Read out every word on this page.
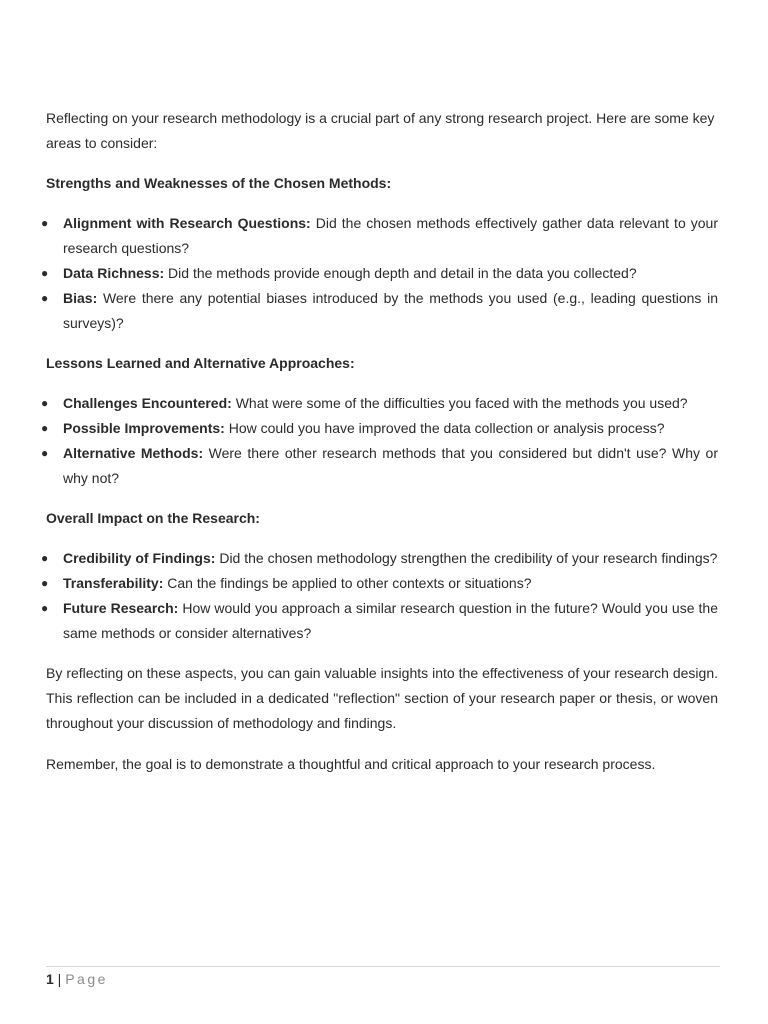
Reflecting on your research methodology is a crucial part of any strong research project. Here are some key areas to consider:

Strengths and Weaknesses of the Chosen Methods:

● Alignment with Research Questions: Did the chosen methods effectively gather data relevant to your research questions?
● Data Richness: Did the methods provide enough depth and detail in the data you collected?
● Bias: Were there any potential biases introduced by the methods you used (e.g., leading questions in surveys)?

Lessons Learned and Alternative Approaches:

● Challenges Encountered: What were some of the difficulties you faced with the methods you used?
● Possible Improvements: How could you have improved the data collection or analysis process?
● Alternative Methods: Were there other research methods that you considered but didn't use? Why or why not?

Overall Impact on the Research:

● Credibility of Findings: Did the chosen methodology strengthen the credibility of your research findings?
● Transferability: Can the findings be applied to other contexts or situations?
● Future Research: How would you approach a similar research question in the future? Would you use the same methods or consider alternatives?

By reflecting on these aspects, you can gain valuable insights into the effectiveness of your research design. This reflection can be included in a dedicated "reflection" section of your research paper or thesis, or woven throughout your discussion of methodology and findings.

Remember, the goal is to demonstrate a thoughtful and critical approach to your research process.

1 | Page
